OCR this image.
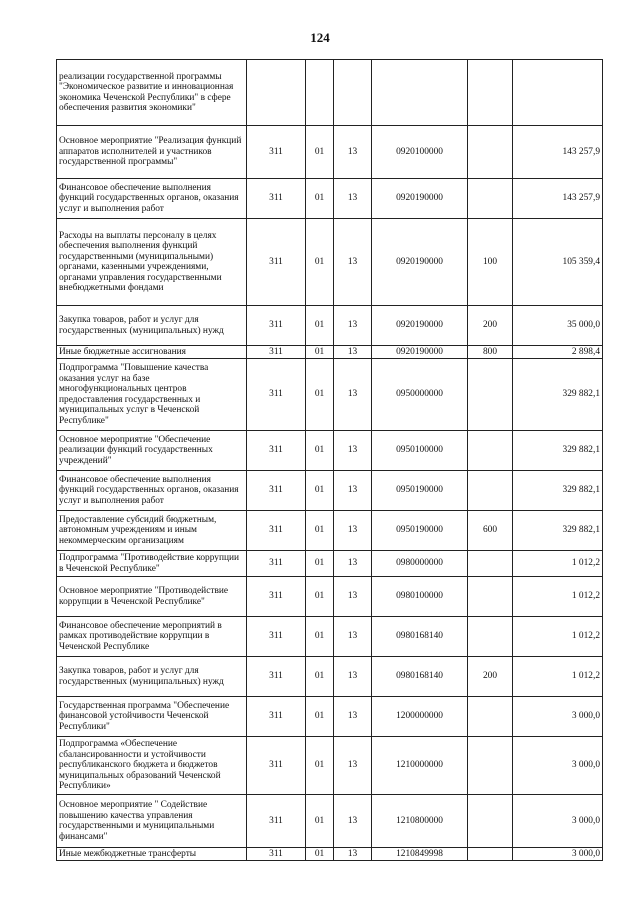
124
реализации государственной программы "Экономическое развитие и инновационная экономика Чеченской Республики" в сфере обеспечения развития экономики"						
Основное мероприятие "Реализация функций аппаратов исполнителей и участников государственной программы"	311	01	13	0920100000		143 257,9
Финансовое обеспечение выполнения функций государственных органов, оказания услуг и выполнения работ	311	01	13	0920190000		143 257,9
Расходы на выплаты персоналу в целях обеспечения выполнения функций государственными (муниципальными) органами, казенными учреждениями, органами управления государственными внебюджетными фондами	311	01	13	0920190000	100	105 359,4
Закупка товаров, работ и услуг для государственных (муниципальных) нужд	311	01	13	0920190000	200	35 000,0
Иные бюджетные ассигнования	311	01	13	0920190000	800	2 898,4
Подпрограмма "Повышение качества оказания услуг на базе многофункциональных центров предоставления государственных и муниципальных услуг в Чеченской Республике"	311	01	13	0950000000		329 882,1
Основное мероприятие "Обеспечение реализации функций государственных учреждений"	311	01	13	0950100000		329 882,1
Финансовое обеспечение выполнения функций государственных органов, оказания услуг и выполнения работ	311	01	13	0950190000		329 882,1
Предоставление субсидий бюджетным, автономным учреждениям и иным некоммерческим организациям	311	01	13	0950190000	600	329 882,1
Подпрограмма "Противодействие коррупции в Чеченской Республике"	311	01	13	0980000000		1 012,2
Основное мероприятие "Противодействие коррупции в Чеченской Республике"	311	01	13	0980100000		1 012,2
Финансовое обеспечение мероприятий в рамках противодействие коррупции в Чеченской Республике	311	01	13	0980168140		1 012,2
Закупка товаров, работ и услуг для государственных (муниципальных) нужд	311	01	13	0980168140	200	1 012,2
Государственная программа "Обеспечение финансовой устойчивости Чеченской Республики"	311	01	13	1200000000		3 000,0
Подпрограмма «Обеспечение сбалансированности и устойчивости республиканского бюджета и бюджетов муниципальных образований Чеченской Республики»	311	01	13	1210000000		3 000,0
Основное мероприятие " Содействие повышению качества управления государственными и муниципальными финансами"	311	01	13	1210800000		3 000,0
Иные межбюджетные трансферты	311	01	13	1210849998		3 000,0
